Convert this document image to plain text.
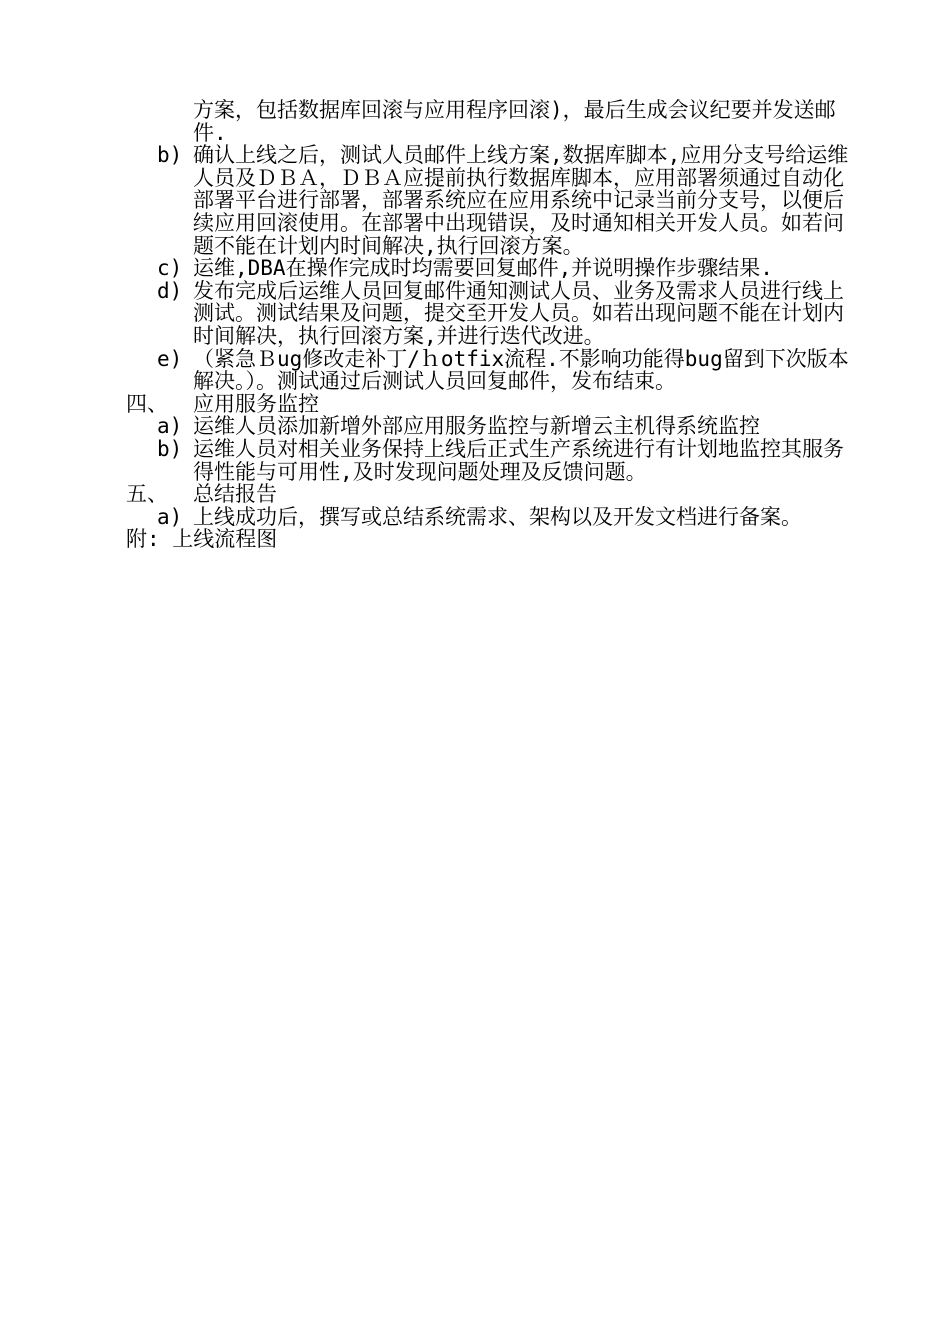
方案，包括数据库回滚与应用程序回滚)，最后生成会议纪要并发送邮件.
b) 确认上线之后，测试人员邮件上线方案,数据库脚本,应用分支号给运维人员及ＤＢＡ，ＤＢＡ应提前执行数据库脚本，应用部署须通过自动化部署平台进行部署，部署系统应在应用系统中记录当前分支号，以便后续应用回滚使用。在部署中出现错误，及时通知相关开发人员。如若问题不能在计划内时间解决,执行回滚方案。
c) 运维,DBA在操作完成时均需要回复邮件,并说明操作步骤结果.
d) 发布完成后运维人员回复邮件通知测试人员、业务及需求人员进行线上测试。测试结果及问题，提交至开发人员。如若出现问题不能在计划内时间解决，执行回滚方案,并进行迭代改进。
e) （紧急Ｂug修改走补丁/ｈotfix流程.不影响功能得bug留到下次版本解决。）。测试通过后测试人员回复邮件，发布结束。
四、 应用服务监控
a) 运维人员添加新增外部应用服务监控与新增云主机得系统监控
b) 运维人员对相关业务保持上线后正式生产系统进行有计划地监控其服务得性能与可用性,及时发现问题处理及反馈问题。
五、 总结报告
a) 上线成功后，撰写或总结系统需求、架构以及开发文档进行备案。
附: 上线流程图
